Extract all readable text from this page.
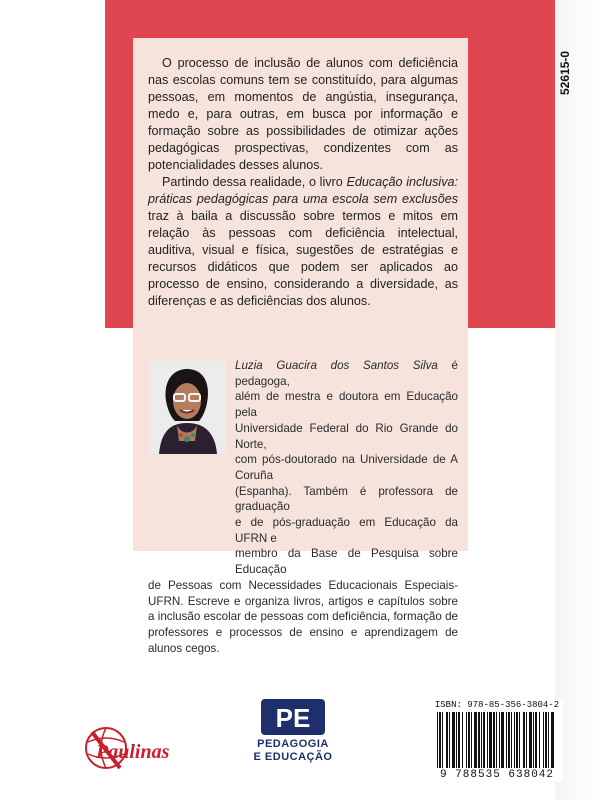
52615-0

O processo de inclusão de alunos com deficiência nas escolas comuns tem se constituído, para algumas pessoas, em momentos de angústia, insegurança, medo e, para outras, em busca por informação e formação sobre as possibilidades de otimizar ações pedagógicas prospectivas, condizentes com as potencialidades desses alunos.

Partindo dessa realidade, o livro Educação inclusiva: práticas pedagógicas para uma escola sem exclusões traz à baila a discussão sobre termos e mitos em relação às pessoas com deficiência intelectual, auditiva, visual e física, sugestões de estratégias e recursos didáticos que podem ser aplicados ao processo de ensino, considerando a diversidade, as diferenças e as deficiências dos alunos.

Luzia Guacira dos Santos Silva é pedagoga,
além de mestra e doutora em Educação pela
Universidade Federal do Rio Grande do Norte,
com pós-doutorado na Universidade de A Coruña
(Espanha). Também é professora de graduação
e de pós-graduação em Educação da UFRN e
membro da Base de Pesquisa sobre Educação
de Pessoas com Necessidades Educacionais Especiais-UFRN. Escreve e organiza livros, artigos e capítulos sobre a inclusão escolar de pessoas com deficiência, formação de professores e processos de ensino e aprendizagem de alunos cegos.
Paulinas
PE
PEDAGOGIA
E EDUCAÇÃO
ISBN: 978-85-356-3804-2
9 788535 638042
